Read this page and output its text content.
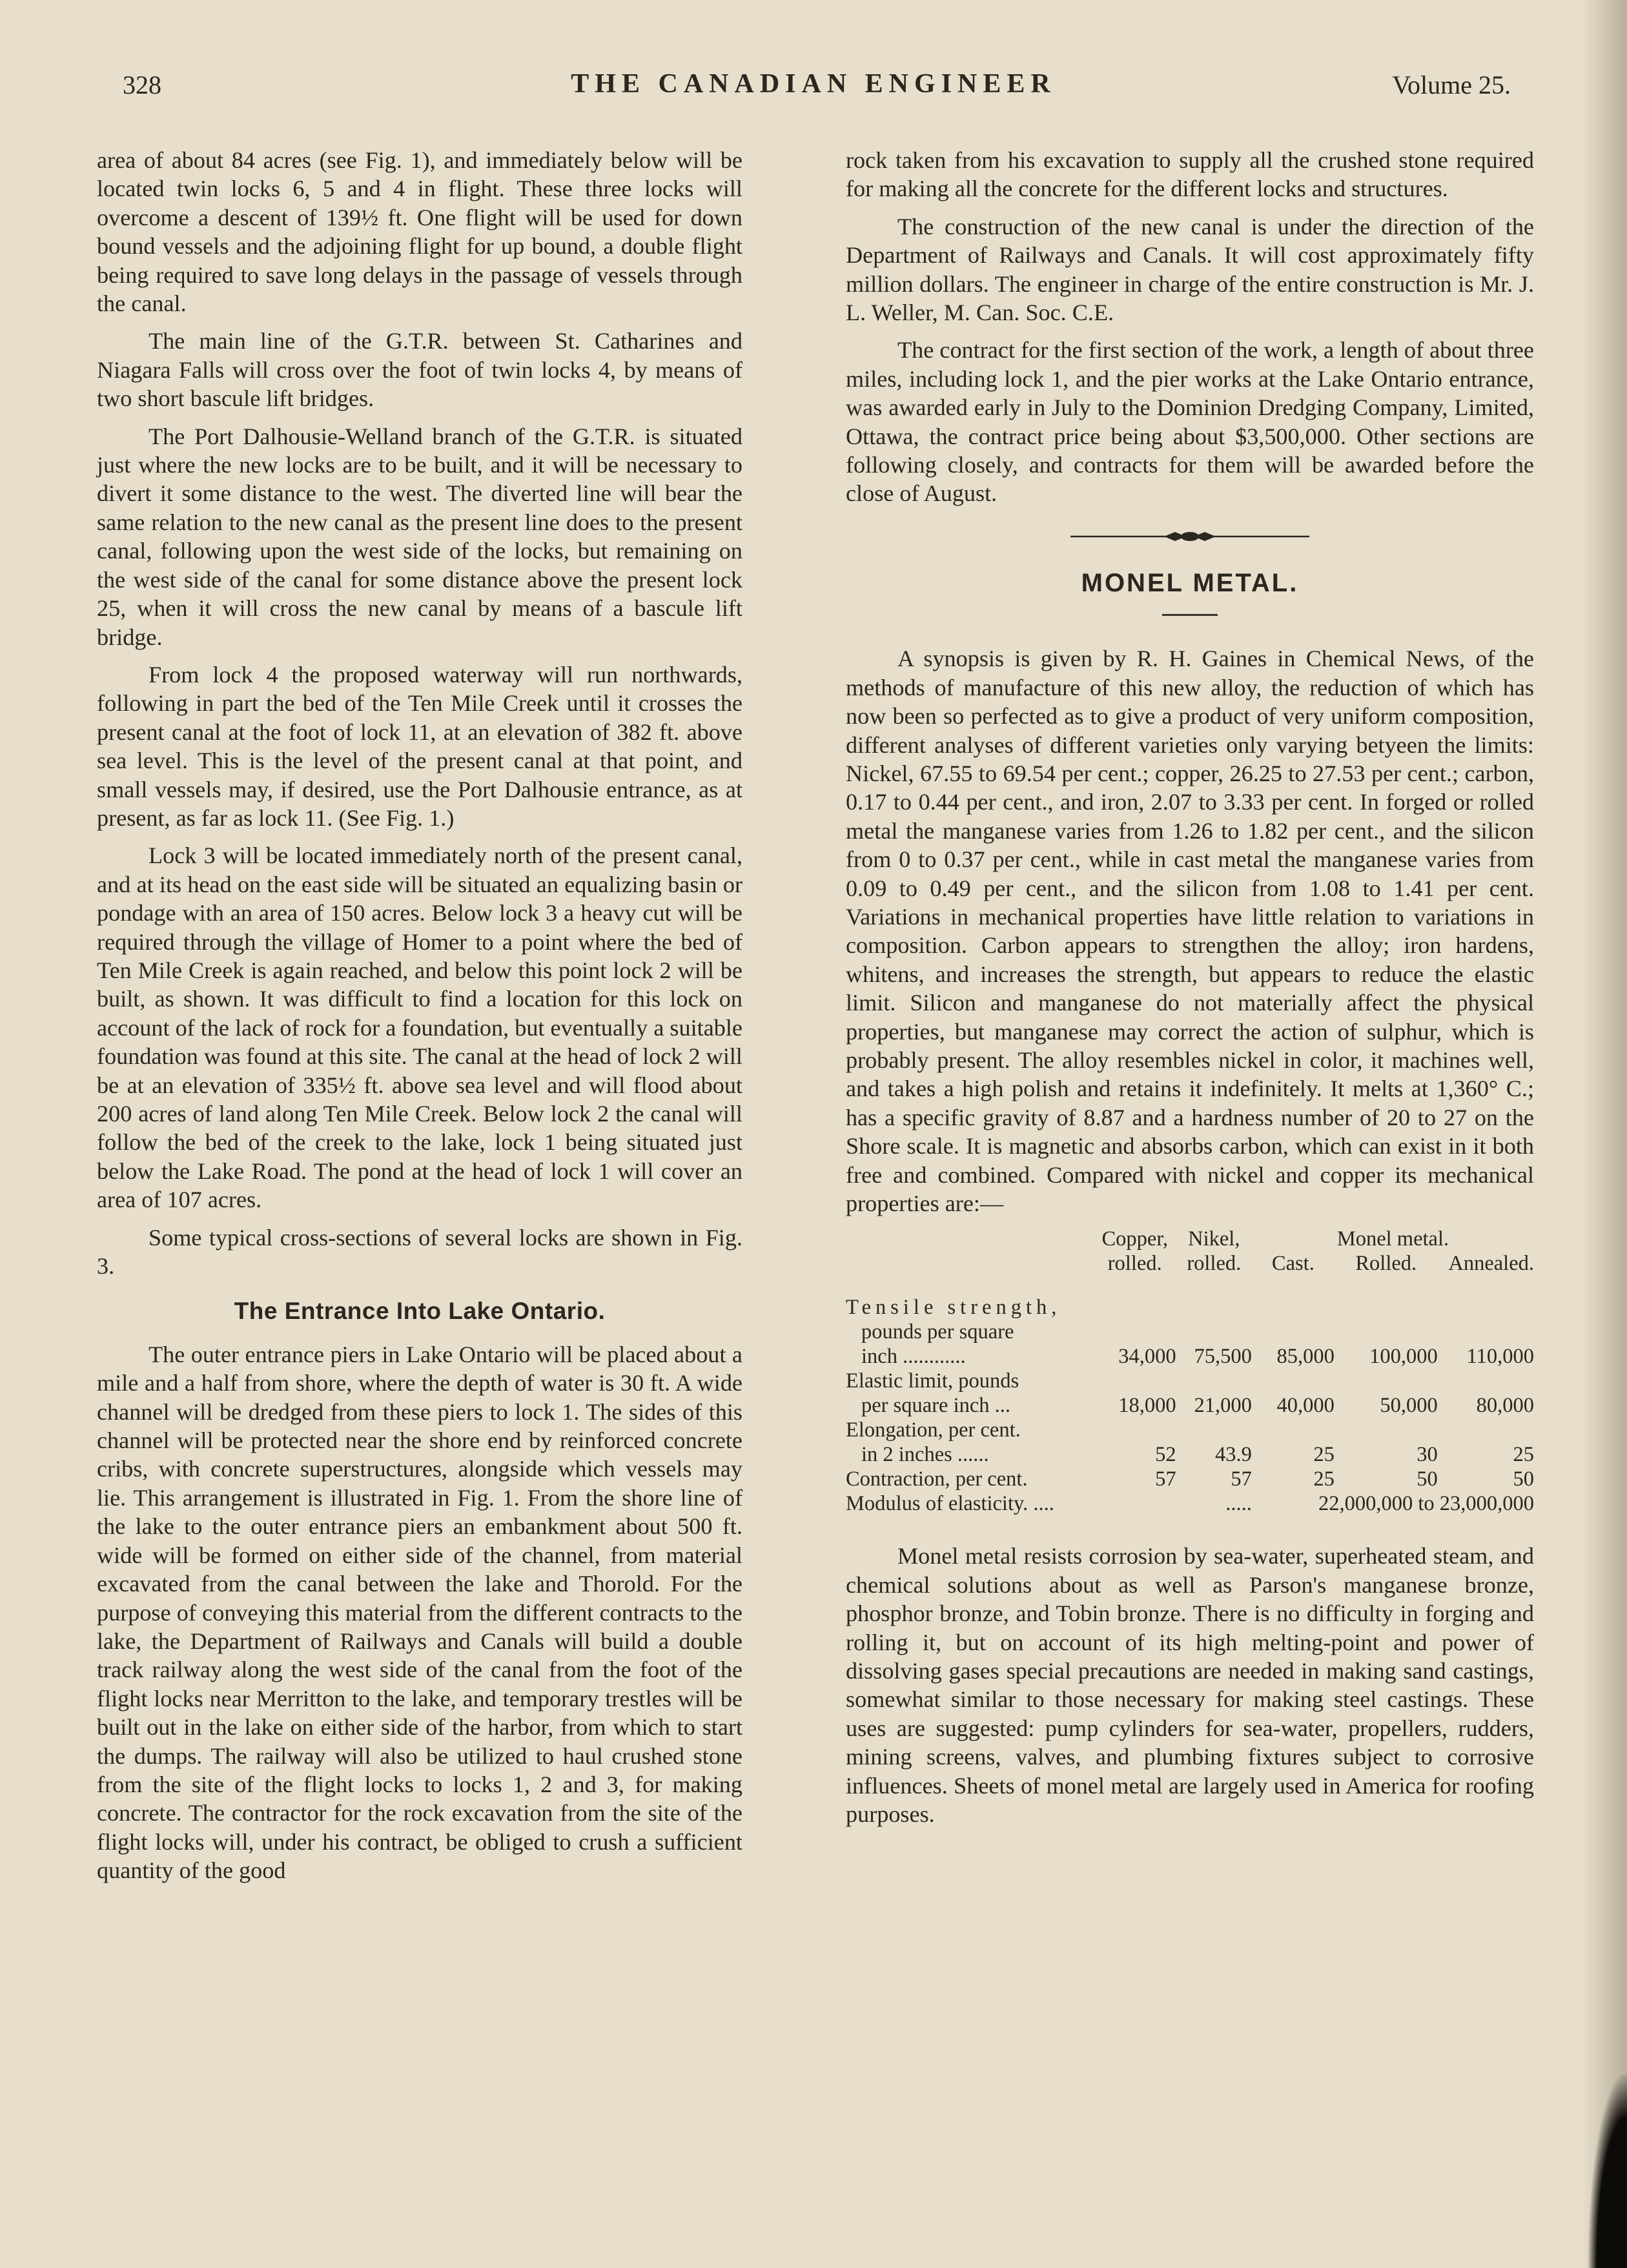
328	THE CANADIAN ENGINEER	Volume 25.

area of about 84 acres (see Fig. 1), and immediately below will be located twin locks 6, 5 and 4 in flight. These three locks will overcome a descent of 139½ ft. One flight will be used for down bound vessels and the adjoining flight for up bound, a double flight being required to save long delays in the passage of vessels through the canal.

The main line of the G.T.R. between St. Catharines and Niagara Falls will cross over the foot of twin locks 4, by means of two short bascule lift bridges.

The Port Dalhousie-Welland branch of the G.T.R. is situated just where the new locks are to be built, and it will be necessary to divert it some distance to the west. The diverted line will bear the same relation to the new canal as the present line does to the present canal, following upon the west side of the locks, but remaining on the west side of the canal for some distance above the present lock 25, when it will cross the new canal by means of a bascule lift bridge.

From lock 4 the proposed waterway will run northwards, following in part the bed of the Ten Mile Creek until it crosses the present canal at the foot of lock 11, at an elevation of 382 ft. above sea level. This is the level of the present canal at that point, and small vessels may, if desired, use the Port Dalhousie entrance, as at present, as far as lock 11. (See Fig. 1.)

Lock 3 will be located immediately north of the present canal, and at its head on the east side will be situated an equalizing basin or pondage with an area of 150 acres. Below lock 3 a heavy cut will be required through the village of Homer to a point where the bed of Ten Mile Creek is again reached, and below this point lock 2 will be built, as shown. It was difficult to find a location for this lock on account of the lack of rock for a foundation, but eventually a suitable foundation was found at this site. The canal at the head of lock 2 will be at an elevation of 335½ ft. above sea level and will flood about 200 acres of land along Ten Mile Creek. Below lock 2 the canal will follow the bed of the creek to the lake, lock 1 being situated just below the Lake Road. The pond at the head of lock 1 will cover an area of 107 acres.

Some typical cross-sections of several locks are shown in Fig. 3.

The Entrance Into Lake Ontario.

The outer entrance piers in Lake Ontario will be placed about a mile and a half from shore, where the depth of water is 30 ft. A wide channel will be dredged from these piers to lock 1. The sides of this channel will be protected near the shore end by reinforced concrete cribs, with concrete superstructures, alongside which vessels may lie. This arrangement is illustrated in Fig. 1. From the shore line of the lake to the outer entrance piers an embankment about 500 ft. wide will be formed on either side of the channel, from material excavated from the canal between the lake and Thorold. For the purpose of conveying this material from the different contracts to the lake, the Department of Railways and Canals will build a double track railway along the west side of the canal from the foot of the flight locks near Merritton to the lake, and temporary trestles will be built out in the lake on either side of the harbor, from which to start the dumps. The railway will also be utilized to haul crushed stone from the site of the flight locks to locks 1, 2 and 3, for making concrete. The contractor for the rock excavation from the site of the flight locks will, under his contract, be obliged to crush a sufficient quantity of the good

rock taken from his excavation to supply all the crushed stone required for making all the concrete for the different locks and structures.

The construction of the new canal is under the direction of the Department of Railways and Canals. It will cost approximately fifty million dollars. The engineer in charge of the entire construction is Mr. J. L. Weller, M. Can. Soc. C.E.

The contract for the first section of the work, a length of about three miles, including lock 1, and the pier works at the Lake Ontario entrance, was awarded early in July to the Dominion Dredging Company, Limited, Ottawa, the contract price being about $3,500,000. Other sections are following closely, and contracts for them will be awarded before the close of August.

MONEL METAL.

A synopsis is given by R. H. Gaines in Chemical News, of the methods of manufacture of this new alloy, the reduction of which has now been so perfected as to give a product of very uniform composition, different analyses of different varieties only varying betyeen the limits: Nickel, 67.55 to 69.54 per cent.; copper, 26.25 to 27.53 per cent.; carbon, 0.17 to 0.44 per cent., and iron, 2.07 to 3.33 per cent. In forged or rolled metal the manganese varies from 1.26 to 1.82 per cent., and the silicon from 0 to 0.37 per cent., while in cast metal the manganese varies from 0.09 to 0.49 per cent., and the silicon from 1.08 to 1.41 per cent. Variations in mechanical properties have little relation to variations in composition. Carbon appears to strengthen the alloy; iron hardens, whitens, and increases the strength, but appears to reduce the elastic limit. Silicon and manganese do not materially affect the physical properties, but manganese may correct the action of sulphur, which is probably present. The alloy resembles nickel in color, it machines well, and takes a high polish and retains it indefinitely. It melts at 1,360° C.; has a specific gravity of 8.87 and a hardness number of 20 to 27 on the Shore scale. It is magnetic and absorbs carbon, which can exist in it both free and combined. Compared with nickel and copper its mechanical properties are:—

	Copper,	Nikel,	Monel metal.		
	rolled.	rolled.	Cast.	Rolled.	Annealed.

Tensile strength,					
pounds per square					
inch ............	34,000	75,500	85,000	100,000	110,000
Elastic limit, pounds					
per square inch ...	18,000	21,000	40,000	50,000	80,000
Elongation, per cent.					
in 2 inches ......	52	43.9	25	30	25
Contraction, per cent.	57	57	25	50	50
Modulus of elasticity. ....		.....	22,000,000 to 23,000,000		

Monel metal resists corrosion by sea-water, superheated steam, and chemical solutions about as well as Parson's manganese bronze, phosphor bronze, and Tobin bronze. There is no difficulty in forging and rolling it, but on account of its high melting-point and power of dissolving gases special precautions are needed in making sand castings, somewhat similar to those necessary for making steel castings. These uses are suggested: pump cylinders for sea-water, propellers, rudders, mining screens, valves, and plumbing fixtures subject to corrosive influences. Sheets of monel metal are largely used in America for roofing purposes.
